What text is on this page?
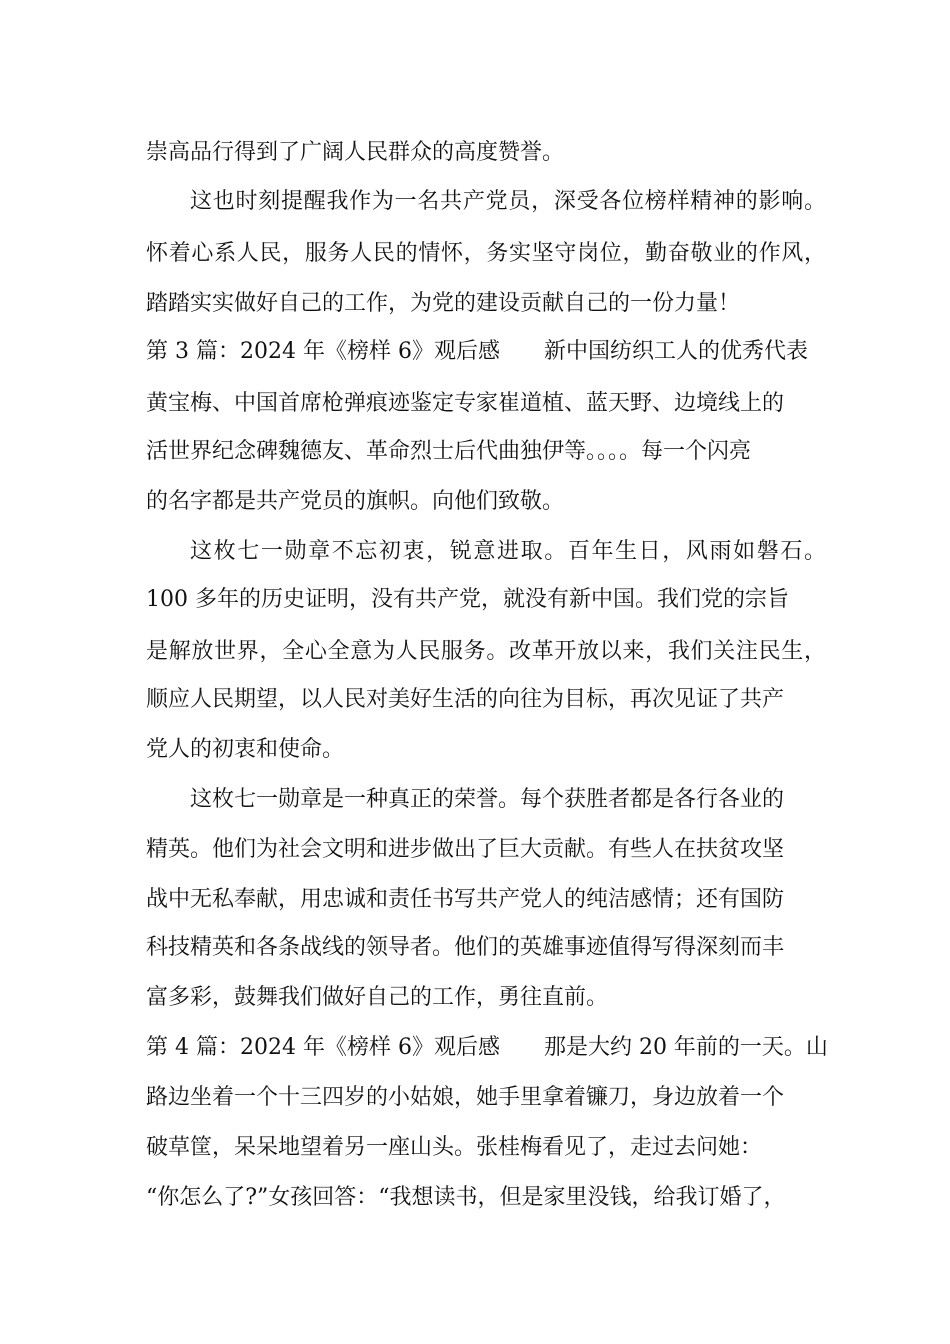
崇高品行得到了广阔人民群众的高度赞誉。
这也时刻提醒我作为一名共产党员，深受各位榜样精神的影响。
怀着心系人民，服务人民的情怀，务实坚守岗位，勤奋敬业的作风，
踏踏实实做好自己的工作，为党的建设贡献自己的一份力量！
第 3 篇：2024 年《榜样 6》观后感　　新中国纺织工人的优秀代表
黄宝梅、中国首席枪弹痕迹鉴定专家崔道植、蓝天野、边境线上的
活世界纪念碑魏德友、革命烈士后代曲独伊等。。。。每一个闪亮
的名字都是共产党员的旗帜。向他们致敬。
这枚七一勋章不忘初衷，锐意进取。百年生日，风雨如磐石。
100 多年的历史证明，没有共产党，就没有新中国。我们党的宗旨
是解放世界，全心全意为人民服务。改革开放以来，我们关注民生，
顺应人民期望，以人民对美好生活的向往为目标，再次见证了共产
党人的初衷和使命。
这枚七一勋章是一种真正的荣誉。每个获胜者都是各行各业的
精英。他们为社会文明和进步做出了巨大贡献。有些人在扶贫攻坚
战中无私奉献，用忠诚和责任书写共产党人的纯洁感情；还有国防
科技精英和各条战线的领导者。他们的英雄事迹值得写得深刻而丰
富多彩，鼓舞我们做好自己的工作，勇往直前。
第 4 篇：2024 年《榜样 6》观后感　　那是大约 20 年前的一天。山
路边坐着一个十三四岁的小姑娘，她手里拿着镰刀，身边放着一个
破草筐，呆呆地望着另一座山头。张桂梅看见了，走过去问她：
“你怎么了?”女孩回答：“我想读书，但是家里没钱，给我订婚了，
